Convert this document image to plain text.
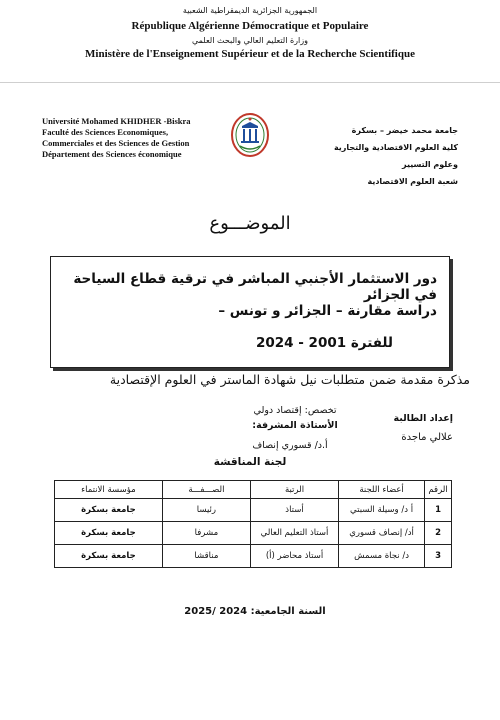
الجمهورية الجزائرية الديمقراطية الشعبية
République Algérienne Démocratique et Populaire
وزارة التعليم العالي والبحث العلمي
Ministère de l'Enseignement Supérieur et de la Recherche Scientifique
Université Mohamed KHIDHER -Biskra
Faculté des Sciences Economiques, Commerciales et des Sciences de Gestion
Département des Sciences économique
جامعة محمد خيضر – بسكرة
كلية العلوم الاقتصادية والتجارية وعلوم التسيير
شعبة العلوم الاقتصادية
الموضـــوع
دور الاستثمار الأجنبي المباشر في ترقية قطاع السياحة في الجزائر
دراسة مقارنة – الجزائر و تونس –
للفترة 2001 - 2024
مذكرة مقدمة ضمن متطلبات نيل شهادة الماستر في العلوم الإقتصادية
إعداد الطالبة
تخصص: إقتصاد دولي
الأستاذة المشرفة:
علالي ماجدة
أ.د/ قسوري إنصاف
لجنة المناقشة
الرقم	أعضاء اللجنة	الرتبة	الصـــفـــة	مؤسسة الانتماء
1	أ د/ وسيلة السبتي	أستاذ	رئيسا	جامعة بسكرة
2	أد/ إنصاف قسوري	أستاذ التعليم العالي	مشرفا	جامعة بسكرة
3	د/ نجاة مسمش	أستاذ محاضر (أ)	مناقشا	جامعة بسكرة
السنة الجامعية: 2024 /2025
